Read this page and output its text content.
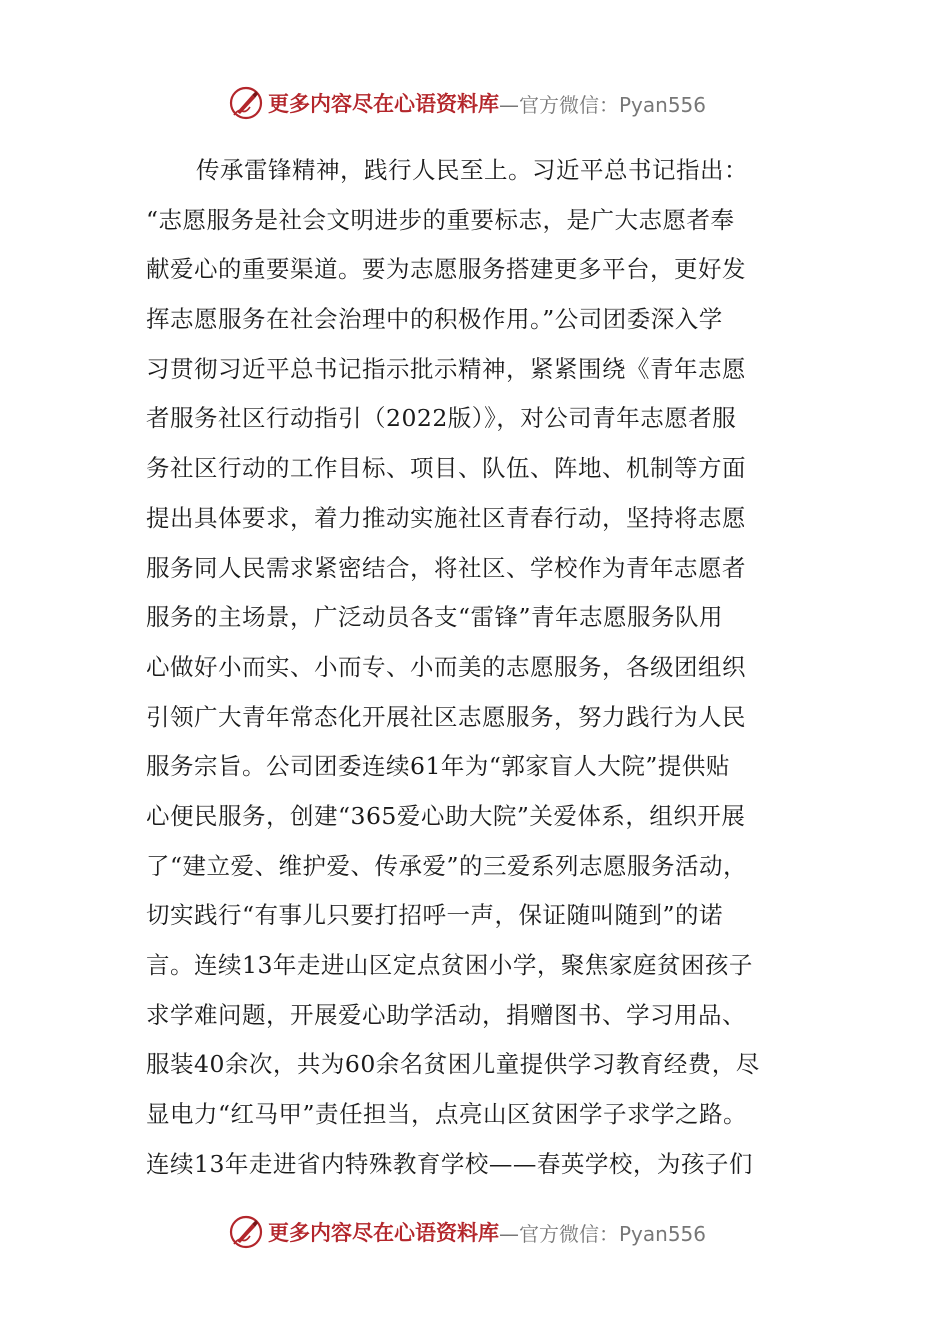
更多内容尽在心语资料库 —官方微信：Pyan556
传承雷锋精神，践行人民至上。习近平总书记指出：
“志愿服务是社会文明进步的重要标志，是广大志愿者奉
献爱心的重要渠道。要为志愿服务搭建更多平台，更好发
挥志愿服务在社会治理中的积极作用。”公司团委深入学
习贯彻习近平总书记指示批示精神，紧紧围绕《青年志愿
者服务社区行动指引（2022版）》，对公司青年志愿者服
务社区行动的工作目标、项目、队伍、阵地、机制等方面
提出具体要求，着力推动实施社区青春行动，坚持将志愿
服务同人民需求紧密结合，将社区、学校作为青年志愿者
服务的主场景，广泛动员各支“雷锋”青年志愿服务队用
心做好小而实、小而专、小而美的志愿服务，各级团组织
引领广大青年常态化开展社区志愿服务，努力践行为人民
服务宗旨。公司团委连续61年为“郭家盲人大院”提供贴
心便民服务，创建“365爱心助大院”关爱体系，组织开展
了“建立爱、维护爱、传承爱”的三爱系列志愿服务活动，
切实践行“有事儿只要打招呼一声，保证随叫随到”的诺
言。连续13年走进山区定点贫困小学，聚焦家庭贫困孩子
求学难问题，开展爱心助学活动，捐赠图书、学习用品、
服装40余次，共为60余名贫困儿童提供学习教育经费，尽
显电力“红马甲”责任担当，点亮山区贫困学子求学之路。
连续13年走进省内特殊教育学校——春英学校，为孩子们
更多内容尽在心语资料库 —官方微信：Pyan556
